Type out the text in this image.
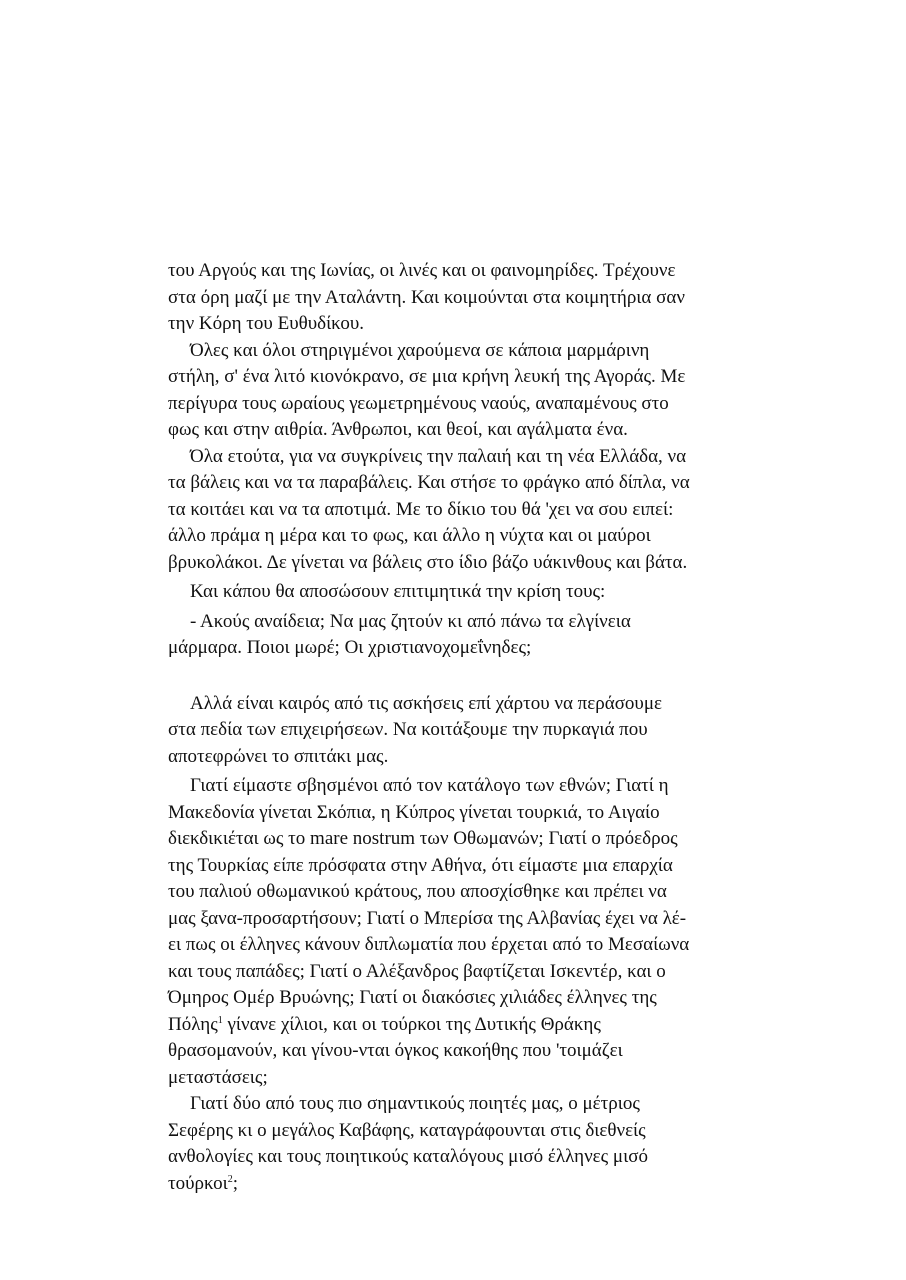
του Αργούς και της Ιωνίας, οι λινές και οι φαινομηρίδες. Τρέχουνε
στα όρη μαζί με την Αταλάντη. Και κοιμούνται στα κοιμητήρια σαν
την Κόρη του Ευθυδίκου.

Όλες και όλοι στηριγμένοι χαρούμενα σε κάποια μαρμάρινη
στήλη, σ' ένα λιτό κιονόκρανο, σε μια κρήνη λευκή της Αγοράς. Με
περίγυρα τους ωραίους γεωμετρημένους ναούς, αναπαμένους στο
φως και στην αιθρία. Άνθρωποι, και θεοί, και αγάλματα ένα.

Όλα ετούτα, για να συγκρίνεις την παλαιή και τη νέα Ελλάδα, να
τα βάλεις και να τα παραβάλεις. Και στήσε το φράγκο από δίπλα, να
τα κοιτάει και να τα αποτιμά. Με το δίκιο του θά 'χει να σου ειπεί:
άλλο πράμα η μέρα και το φως, και άλλο η νύχτα και οι μαύροι
βρυκολάκοι. Δε γίνεται να βάλεις στο ίδιο βάζο υάκινθους και βάτα.

Και κάπου θα αποσώσουν επιτιμητικά την κρίση τους:

- Ακούς αναίδεια; Να μας ζητούν κι από πάνω τα ελγίνεια
μάρμαρα. Ποιοι μωρέ; Οι χριστιανοχομεΐνηδες;

Αλλά είναι καιρός από τις ασκήσεις επί χάρτου να περάσουμε
στα πεδία των επιχειρήσεων. Να κοιτάξουμε την πυρκαγιά που
αποτεφρώνει το σπιτάκι μας.

Γιατί είμαστε σβησμένοι από τον κατάλογο των εθνών; Γιατί η
Μακεδονία γίνεται Σκόπια, η Κύπρος γίνεται τουρκιά, το Αιγαίο
διεκδικιέται ως το mare nostrum των Οθωμανών; Γιατί ο πρόεδρος
της Τουρκίας είπε πρόσφατα στην Αθήνα, ότι είμαστε μια επαρχία
του παλιού οθωμανικού κράτους, που αποσχίσθηκε και πρέπει να
μας ξανα-προσαρτήσουν; Γιατί ο Μπερίσα της Αλβανίας έχει να λέ-
ει πως οι έλληνες κάνουν διπλωματία που έρχεται από το Μεσαίωνα
και τους παπάδες; Γιατί ο Αλέξανδρος βαφτίζεται Ισκεντέρ, και ο
Όμηρος Ομέρ Βρυώνης; Γιατί οι διακόσιες χιλιάδες έλληνες της
Πόλης$^1$ γίνανε χίλιοι, και οι τούρκοι της Δυτικής Θράκης
θρασομανούν, και γίνου-νται όγκος κακοήθης που 'τοιμάζει
μεταστάσεις;

Γιατί δύο από τους πιο σημαντικούς ποιητές μας, ο μέτριος
Σεφέρης κι ο μεγάλος Καβάφης, καταγράφουνται στις διεθνείς
ανθολογίες και τους ποιητικούς καταλόγους μισό έλληνες μισό
τούρκοι$^2$;
